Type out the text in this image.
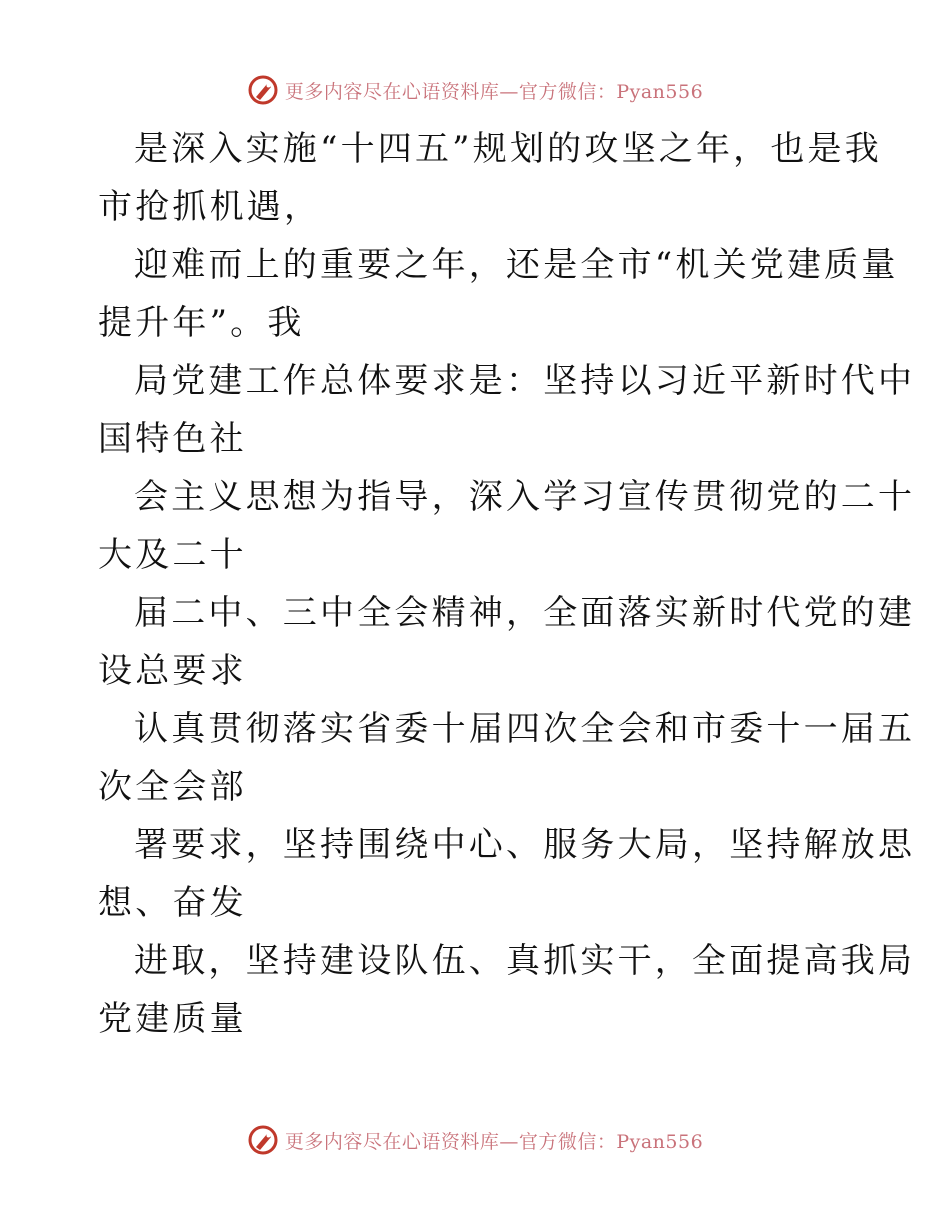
更多内容尽在心语资料库—官方微信：Pyan556
是深入实施“十四五”规划的攻坚之年，也是我
市抢抓机遇，
迎难而上的重要之年，还是全市“机关党建质量
提升年”。我
局党建工作总体要求是：坚持以习近平新时代中
国特色社
会主义思想为指导，深入学习宣传贯彻党的二十
大及二十
届二中、三中全会精神，全面落实新时代党的建
设总要求
认真贯彻落实省委十届四次全会和市委十一届五
次全会部
署要求，坚持围绕中心、服务大局，坚持解放思
想、奋发
进取，坚持建设队伍、真抓实干，全面提高我局
党建质量
更多内容尽在心语资料库—官方微信：Pyan556
